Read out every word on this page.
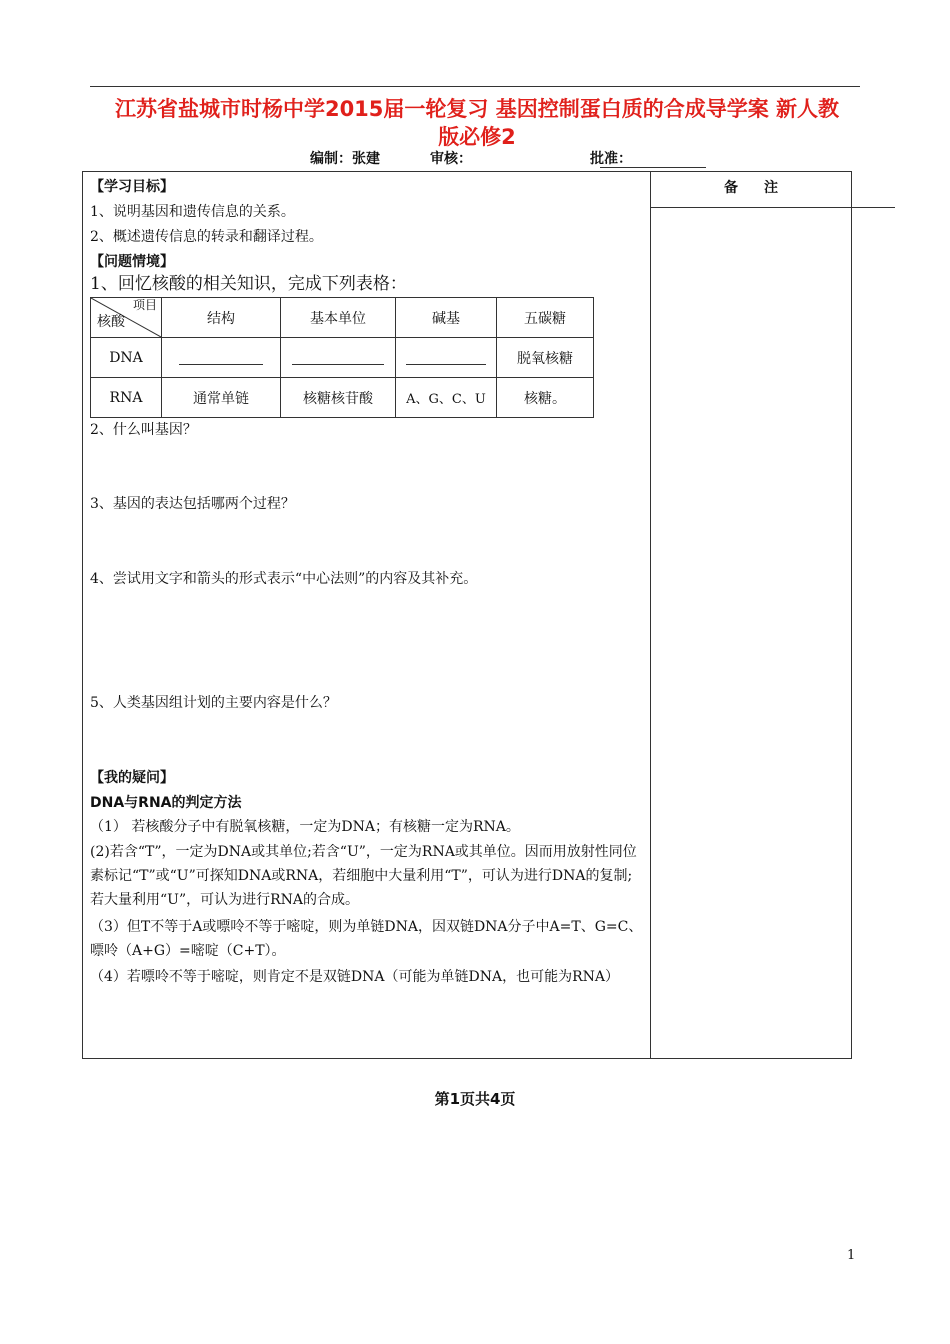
江苏省盐城市时杨中学2015届一轮复习 基因控制蛋白质的合成导学案 新人教
版必修2
编制：张建	审核：	批准：
备注
【学习目标】
1、说明基因和遗传信息的关系。
2、概述遗传信息的转录和翻译过程。
【问题情境】
1、回忆核酸的相关知识，完成下列表格：
项目
核酸	结构	基本单位	碱基	五碳糖
DNA				脱氧核糖
RNA	通常单链	核糖核苷酸	A、G、C、U	核糖。
2、什么叫基因？
3、基因的表达包括哪两个过程？
4、尝试用文字和箭头的形式表示“中心法则”的内容及其补充。
5、人类基因组计划的主要内容是什么？
【我的疑问】
DNA与RNA的判定方法
（1） 若核酸分子中有脱氧核糖，一定为DNA；有核糖一定为RNA。
(2)若含“T”，一定为DNA或其单位;若含“U”，一定为RNA或其单位。因而用放射性同位素标记“T”或“U”可探知DNA或RNA，若细胞中大量利用“T”，可认为进行DNA的复制;若大量利用“U”，可认为进行RNA的合成。
（3）但T不等于A或嘌呤不等于嘧啶，则为单链DNA，因双链DNA分子中A=T、G=C、嘌呤（A+G）=嘧啶（C+T）。
（4）若嘌呤不等于嘧啶，则肯定不是双链DNA（可能为单链DNA，也可能为RNA）
第1页共4页
1
